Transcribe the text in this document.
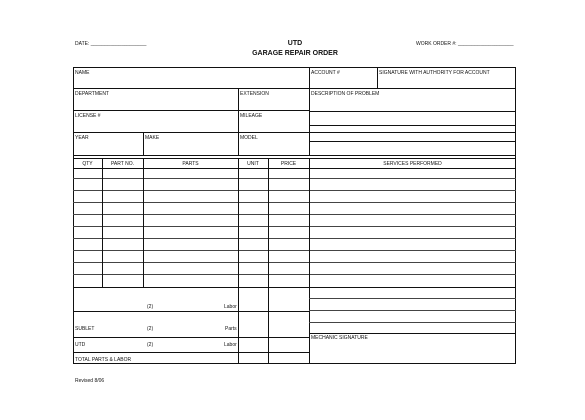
DATE: ____________________	UTD
GARAGE REPAIR ORDER
WORK ORDER #: ____________________
NAME	ACCOUNT #	SIGNATURE WITH AUTHORITY FOR ACCOUNT
DEPARTMENT	EXTENSION	DESCRIPTION OF PROBLEM
LICENSE #	MILEAGE
YEAR	MAKE	MODEL
QTY	PART NO.	PARTS	UNIT	PRICE	SERVICES PERFORMED
(2)	Labor
SUBLET	(2)	Parts
UTD	(2)	Labor
TOTAL PARTS & LABOR
MECHANIC SIGNATURE
Revised 8/06
